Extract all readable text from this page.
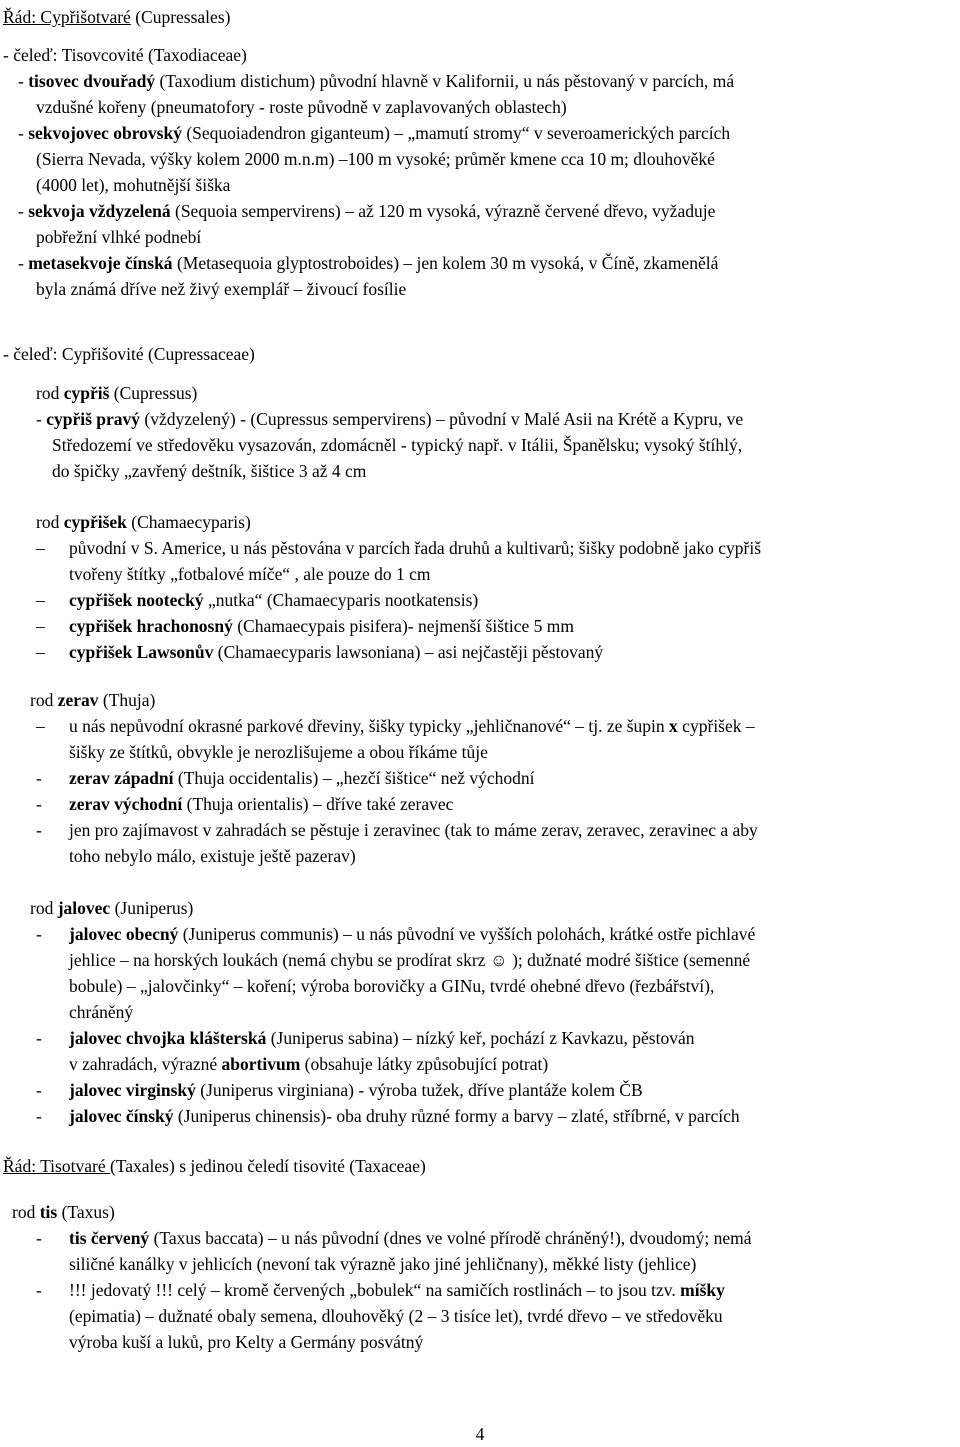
Řád: Cypřišotvaré (Cupressales)
- čeleď: Tisovcovité (Taxodiaceae)
- tisovec dvouřadý (Taxodium distichum) původní hlavně v Kalifornii, u nás pěstovaný v parcích, má
vzdušné kořeny (pneumatofory - roste původně v zaplavovaných oblastech)
- sekvojovec obrovský (Sequoiadendron giganteum) – „mamutí stromy“ v severoamerických parcích
(Sierra Nevada, výšky kolem 2000 m.n.m) –100 m vysoké; průměr kmene cca 10 m; dlouhověké
(4000 let), mohutnější šiška
- sekvoja vždyzelená (Sequoia sempervirens) – až 120 m vysoká, výrazně červené dřevo, vyžaduje
pobřežní vlhké podnebí
- metasekvoje čínská (Metasequoia glyptostroboides) – jen kolem 30 m vysoká, v Číně, zkamenělá
byla známá dříve než živý exemplář – živoucí fosílie
- čeleď: Cypřišovité (Cupressaceae)
rod cypřiš (Cupressus)
- cypřiš pravý (vždyzelený) - (Cupressus sempervirens) – původní v Malé Asii na Krétě a Kypru, ve
Středozemí ve středověku vysazován, zdomácněl - typický např. v Itálii, Španělsku; vysoký štíhlý,
do špičky „zavřený deštník, šištice 3 až 4 cm
rod cypřišek (Chamaecyparis)
– původní v S. Americe, u nás pěstována v parcích řada druhů a kultivarů; šišky podobně jako cypřiš
tvořeny štítky „fotbalové míče“ , ale pouze do 1 cm
– cypřišek nootecký „nutka“ (Chamaecyparis nootkatensis)
– cypřišek hrachonosný (Chamaecypais pisifera)- nejmenší šištice 5 mm
– cypřišek Lawsonův (Chamaecyparis lawsoniana) – asi nejčastěji pěstovaný
rod zerav (Thuja)
– u nás nepůvodní okrasné parkové dřeviny, šišky typicky „jehličnanové“ – tj. ze šupin x cypřišek –
šišky ze štítků, obvykle je nerozlišujeme a obou říkáme tůje
- zerav západní (Thuja occidentalis) – „hezčí šištice“ než východní
- zerav východní (Thuja orientalis) – dříve také zeravec
- jen pro zajímavost v zahradách se pěstuje i zeravinec (tak to máme zerav, zeravec, zeravinec a aby
toho nebylo málo, existuje ještě pazerav)
rod jalovec (Juniperus)
- jalovec obecný (Juniperus communis) – u nás původní ve vyšších polohách, krátké ostře pichlavé
jehlice – na horských loukách (nemá chybu se prodírat skrz ☺ ); dužnaté modré šištice (semenné
bobule) – „jalovčinky“ – koření; výroba borovičky a GINu, tvrdé ohebné dřevo (řezbářství),
chráněný
- jalovec chvojka klášterská (Juniperus sabina) – nízký keř, pochází z Kavkazu, pěstován
v zahradách, výrazné abortivum (obsahuje látky způsobující potrat)
- jalovec virginský (Juniperus virginiana) - výroba tužek, dříve plantáže kolem ČB
- jalovec čínský (Juniperus chinensis)- oba druhy různé formy a barvy – zlaté, stříbrné, v parcích
Řád: Tisotvaré (Taxales) s jedinou čeledí tisovité (Taxaceae)
rod tis (Taxus)
- tis červený (Taxus baccata) – u nás původní (dnes ve volné přírodě chráněný!), dvoudomý; nemá
siličné kanálky v jehlicích (nevoní tak výrazně jako jiné jehličnany), měkké listy (jehlice)
- !!! jedovatý !!! celý – kromě červených „bobulek“ na samičích rostlinách – to jsou tzv. míšky
(epimatia) – dužnaté obaly semena, dlouhověký (2 – 3 tisíce let), tvrdé dřevo – ve středověku
výroba kuší a luků, pro Kelty a Germány posvátný
4
